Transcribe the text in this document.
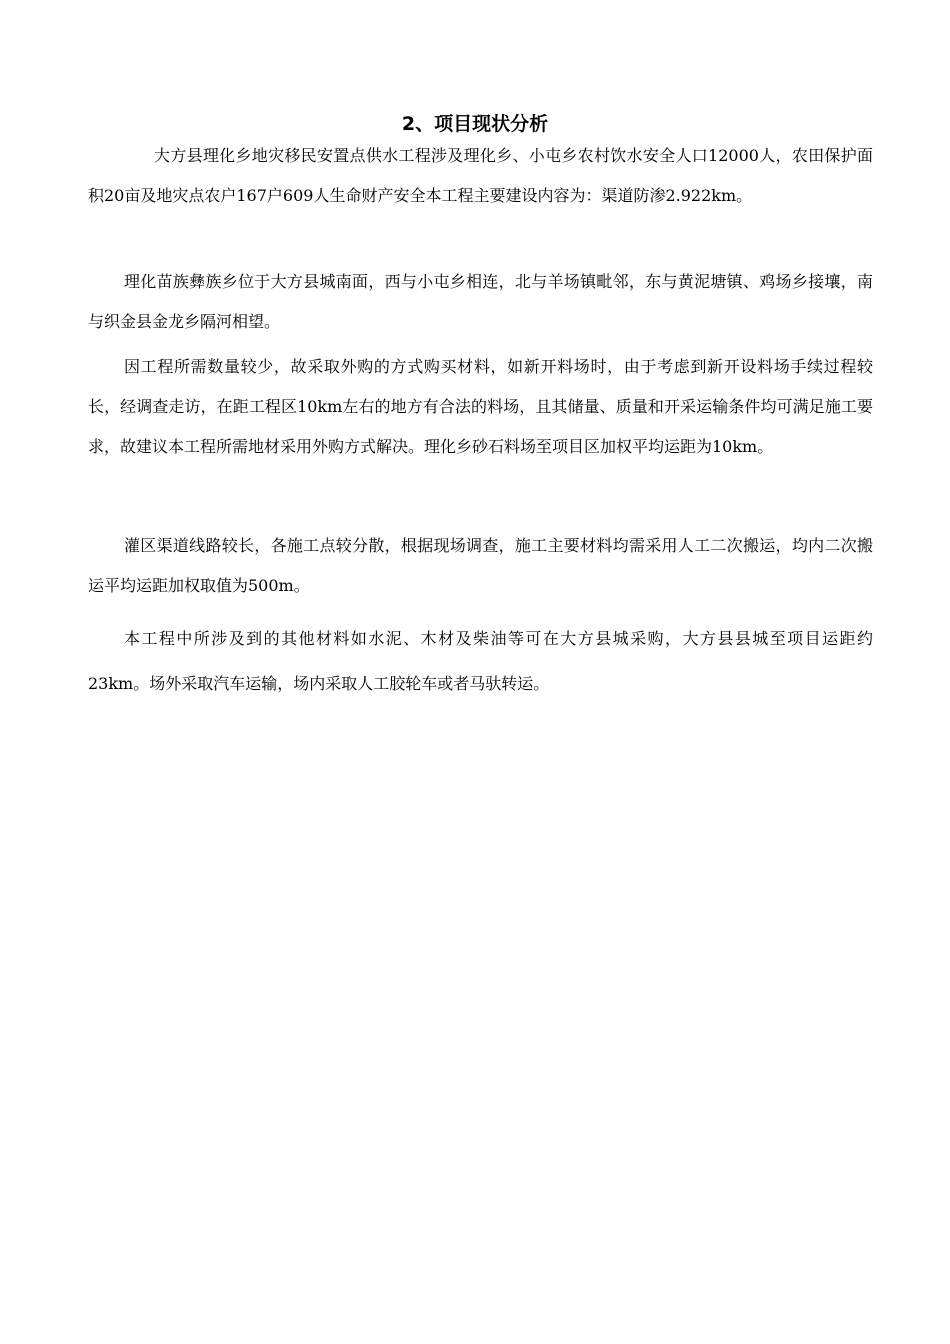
2、项目现状分析

大方县理化乡地灾移民安置点供水工程涉及理化乡、小屯乡农村饮水安全人口12000人，农田保护面积20亩及地灾点农户167户609人生命财产安全本工程主要建设内容为：渠道防渗2.922km。

理化苗族彝族乡位于大方县城南面，西与小屯乡相连，北与羊场镇毗邻，东与黄泥塘镇、鸡场乡接壤，南与织金县金龙乡隔河相望。

因工程所需数量较少，故采取外购的方式购买材料，如新开料场时，由于考虑到新开设料场手续过程较长，经调查走访，在距工程区10km左右的地方有合法的料场，且其储量、质量和开采运输条件均可满足施工要求，故建议本工程所需地材采用外购方式解决。理化乡砂石料场至项目区加权平均运距为10km。

灌区渠道线路较长，各施工点较分散，根据现场调查，施工主要材料均需采用人工二次搬运，均内二次搬运平均运距加权取值为500m。

本工程中所涉及到的其他材料如水泥、木材及柴油等可在大方县城采购，大方县县城至项目运距约23km。场外采取汽车运输，场内采取人工胶轮车或者马驮转运。
